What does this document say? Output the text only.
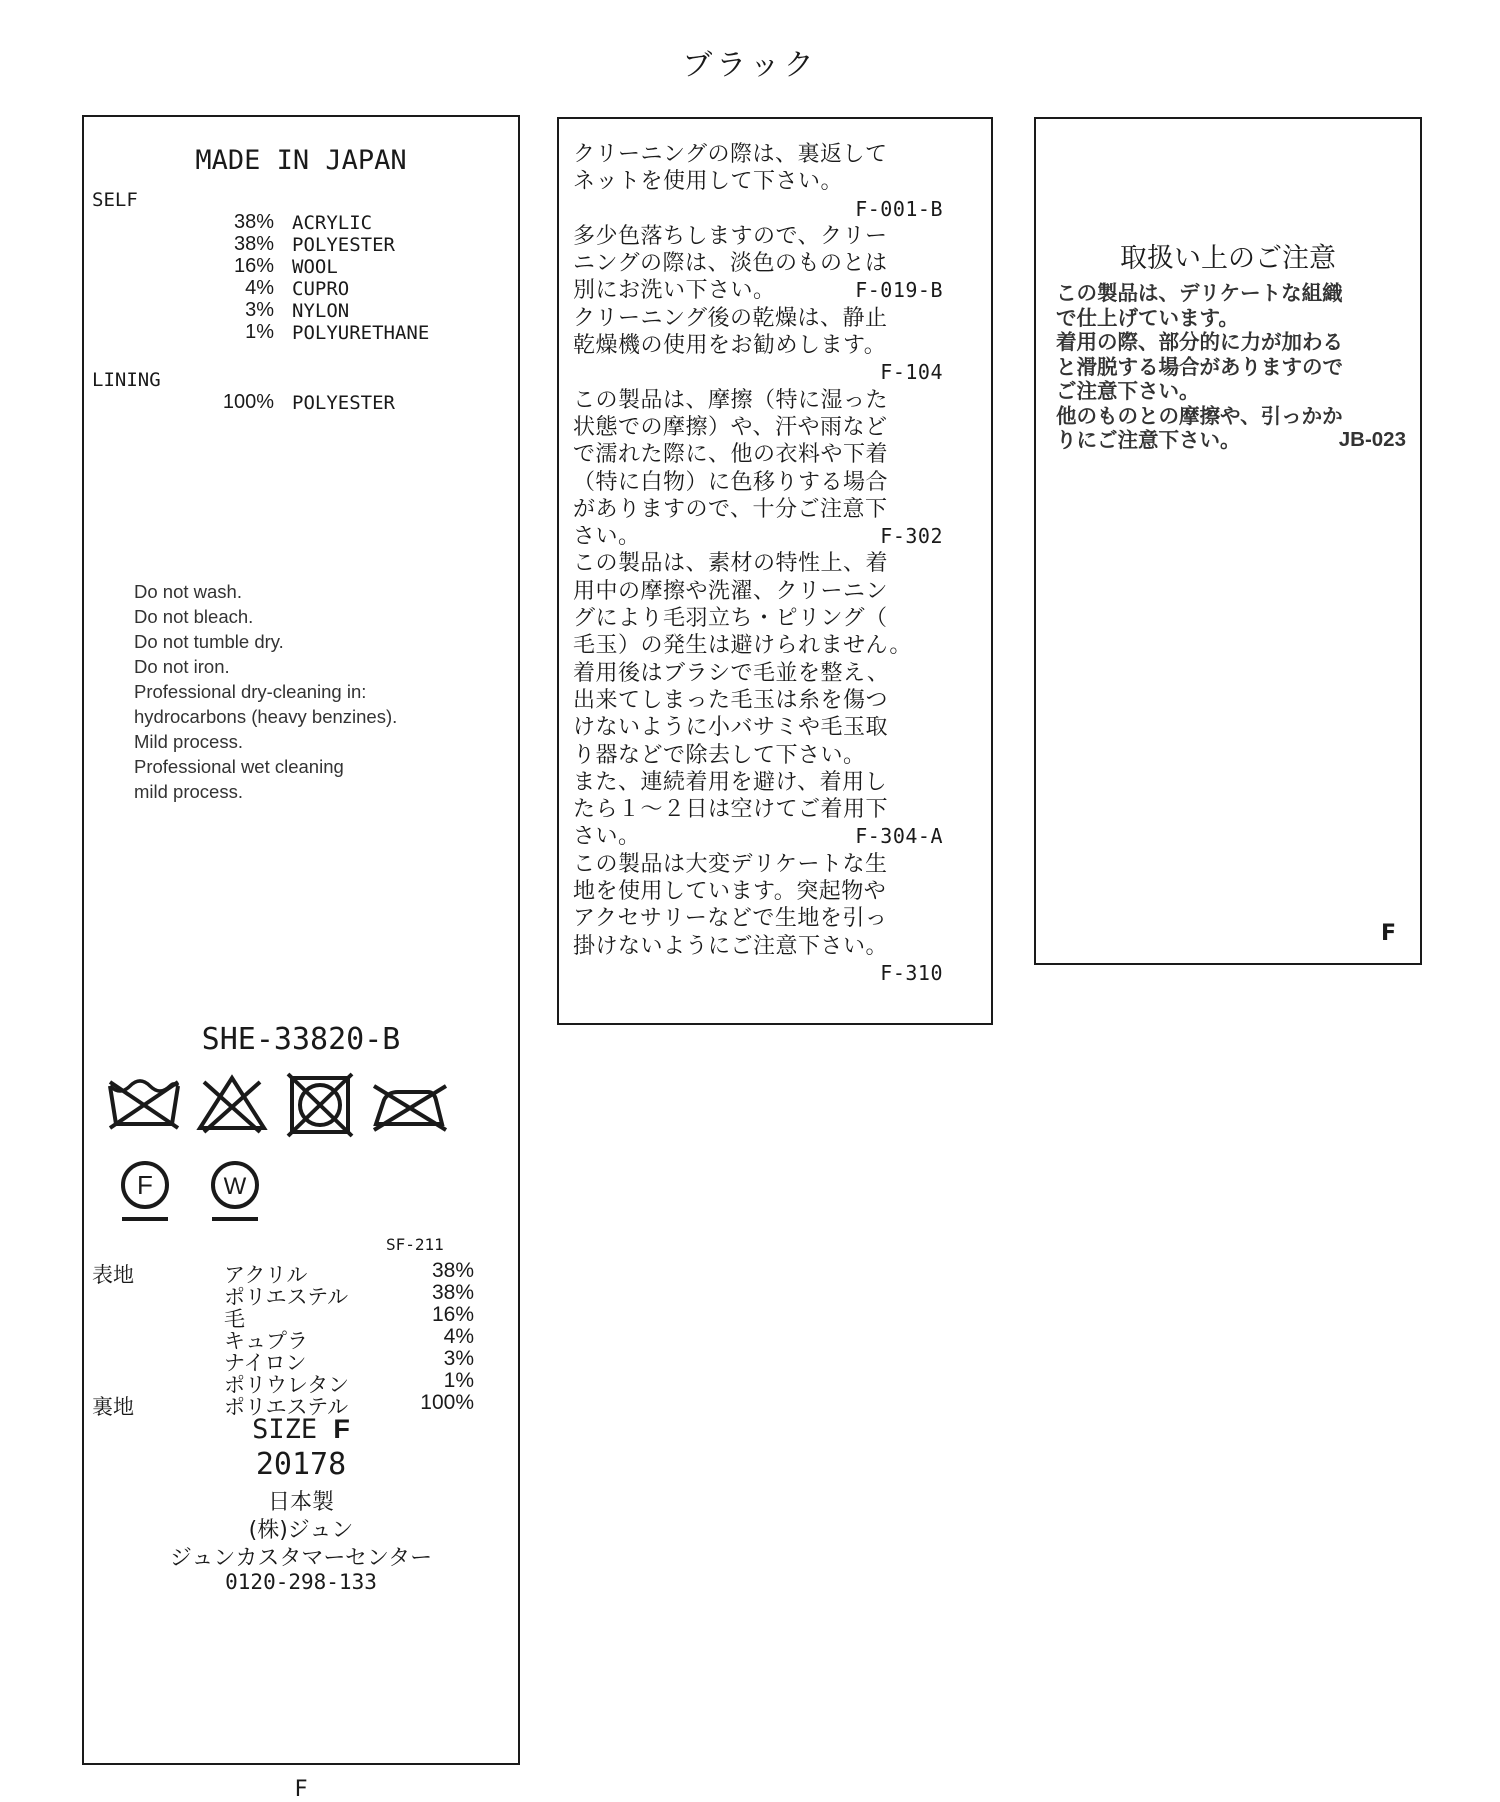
ブラック
MADE IN JAPAN
SELF
38% ACRYLIC
38% POLYESTER
16% WOOL
4% CUPRO
3% NYLON
1% POLYURETHANE
LINING
100% POLYESTER
Do not wash.
Do not bleach.
Do not tumble dry.
Do not iron.
Professional dry-cleaning in:
hydrocarbons (heavy benzines).
Mild process.
Professional wet cleaning
mild process.
SHE-33820-B
F	W
SF-211
表地	アクリル	38%
ポリエステル	38%
毛	16%
キュプラ	4%
ナイロン	3%
ポリウレタン	1%
裏地	ポリエステル	100%
SIZE F
20178
日本製
(株)ジュン
ジュンカスタマーセンター
0120-298-133
F
クリーニングの際は、裏返して
ネットを使用して下さい。
F-001-B
多少色落ちしますので、クリー
ニングの際は、淡色のものとは
別にお洗い下さい。	F-019-B
クリーニング後の乾燥は、静止
乾燥機の使用をお勧めします。
F-104
この製品は、摩擦（特に湿った
状態での摩擦）や、汗や雨など
で濡れた際に、他の衣料や下着
（特に白物）に色移りする場合
がありますので、十分ご注意下
さい。	F-302
この製品は、素材の特性上、着
用中の摩擦や洗濯、クリーニン
グにより毛羽立ち・ピリング（
毛玉）の発生は避けられません。
着用後はブラシで毛並を整え、
出来てしまった毛玉は糸を傷つ
けないように小バサミや毛玉取
り器などで除去して下さい。
また、連続着用を避け、着用し
たら１～２日は空けてご着用下
さい。	F-304-A
この製品は大変デリケートな生
地を使用しています。突起物や
アクセサリーなどで生地を引っ
掛けないようにご注意下さい。
F-310
取扱い上のご注意
この製品は、デリケートな組織
で仕上げています。
着用の際、部分的に力が加わる
と滑脱する場合がありますので
ご注意下さい。
他のものとの摩擦や、引っかか
りにご注意下さい。	JB-023
F
